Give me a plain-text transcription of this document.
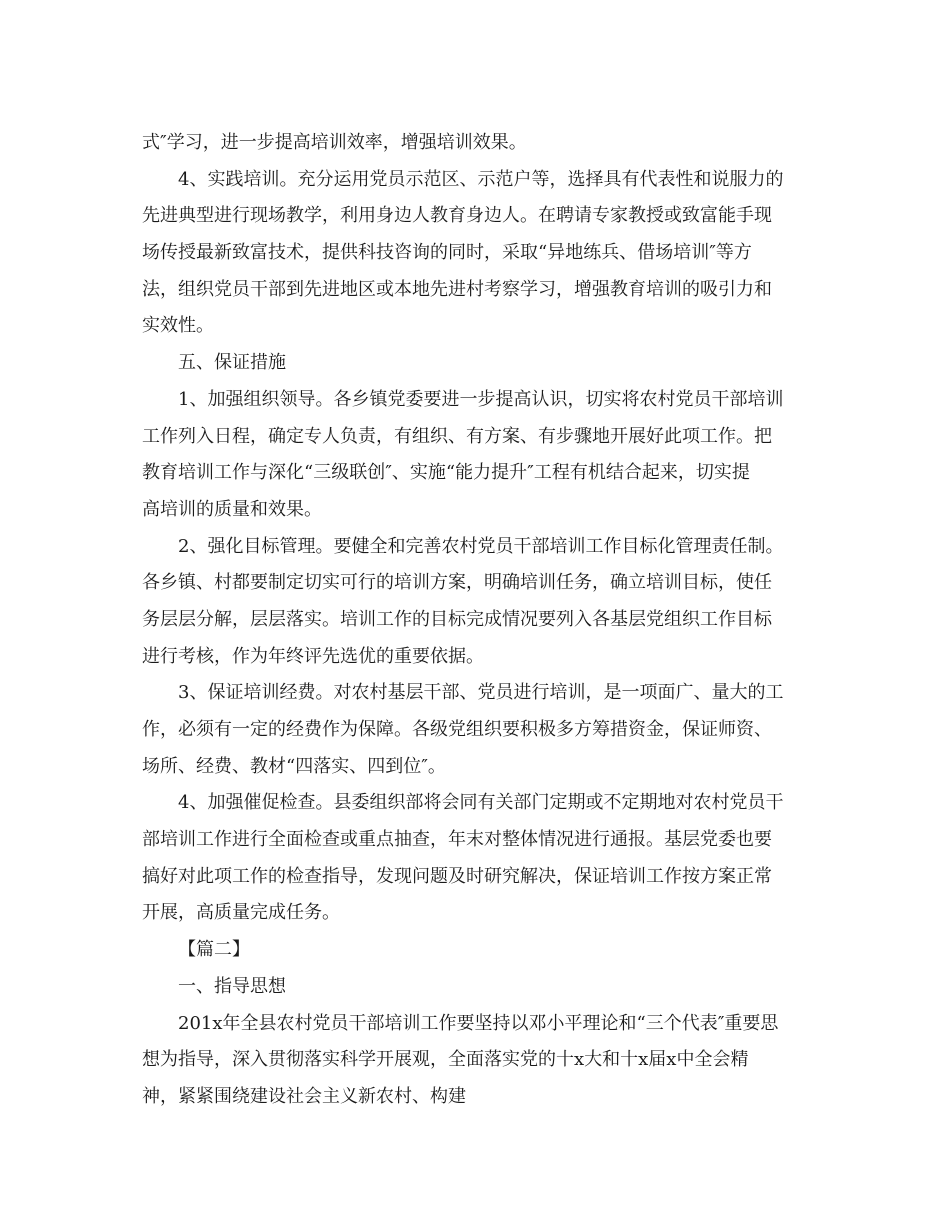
式″学习，进一步提高培训效率，增强培训效果。

4、实践培训。充分运用党员示范区、示范户等，选择具有代表性和说服力的

先进典型进行现场教学，利用身边人教育身边人。在聘请专家教授或致富能手现

场传授最新致富技术，提供科技咨询的同时，采取“异地练兵、借场培训″等方

法，组织党员干部到先进地区或本地先进村考察学习，增强教育培训的吸引力和

实效性。

五、保证措施

1、加强组织领导。各乡镇党委要进一步提高认识，切实将农村党员干部培训

工作列入日程，确定专人负责，有组织、有方案、有步骤地开展好此项工作。把

教育培训工作与深化“三级联创″、实施“能力提升″工程有机结合起来，切实提

高培训的质量和效果。

2、强化目标管理。要健全和完善农村党员干部培训工作目标化管理责任制。

各乡镇、村都要制定切实可行的培训方案，明确培训任务，确立培训目标，使任

务层层分解，层层落实。培训工作的目标完成情况要列入各基层党组织工作目标

进行考核，作为年终评先选优的重要依据。

3、保证培训经费。对农村基层干部、党员进行培训，是一项面广、量大的工

作，必须有一定的经费作为保障。各级党组织要积极多方筹措资金，保证师资、

场所、经费、教材“四落实、四到位″。

4、加强催促检查。县委组织部将会同有关部门定期或不定期地对农村党员干

部培训工作进行全面检查或重点抽查，年末对整体情况进行通报。基层党委也要

搞好对此项工作的检查指导，发现问题及时研究解决，保证培训工作按方案正常

开展，高质量完成任务。

【篇二】

一、指导思想

201x年全县农村党员干部培训工作要坚持以邓小平理论和“三个代表″重要思

想为指导，深入贯彻落实科学开展观，全面落实党的十x大和十x届x中全会精

神，紧紧围绕建设社会主义新农村、构建
